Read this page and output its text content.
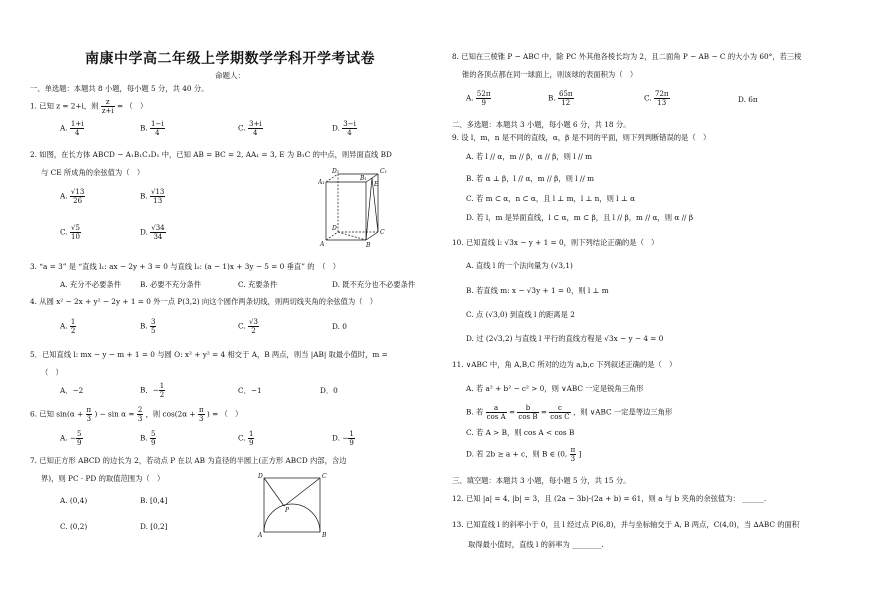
南康中学高二年级上学期数学学科开学考试卷
命题人：
一、单选题：本题共 8 小题，每小题 5 分，共 40 分。
1. 已知 z = 2+i，则 $\frac{z}{z+i}$ = （　）
A. $\frac{1+i}{4}$	B. $\frac{1-i}{4}$	C. $\frac{3+i}{4}$	D. $\frac{3-i}{4}$
2. 如图，在长方体 ABCD − A₁B₁C₁D₁ 中，已知 AB = BC = 2, AA₁ = 3, E 为 B₁C 的中点，则异面直线 BD
与 CE 所成角的余弦值为（　）
A. $\frac{√13}{26}$	B. $\frac{√13}{13}$
C. $\frac{√5}{10}$	D. $\frac{√34}{34}$
D₁	C₁
A₁
B₁
E
D
C
A	B
3. “a = 3” 是 “直线 l₁: ax − 2y + 3 = 0 与直线 l₂: (a − 1)x + 3y − 5 = 0 垂直” 的　（　）
A. 充分不必要条件	B. 必要不充分条件	C. 充要条件	D. 既不充分也不必要条件
4. 从圆 x² − 2x + y² − 2y + 1 = 0 外一点 P(3,2) 向这个圆作两条切线，则两切线夹角的余弦值为（　）
A. $\frac{1}{2}$	B. $\frac{3}{5}$	C. $\frac{√3}{2}$	D. 0
5．已知直线 l: mx − y − m + 1 = 0 与圆 O: x² + y² = 4 相交于 A，B 两点，则当 |AB| 取最小值时，m =
（　）
A．−2	B．− $\frac{1}{2}$	C．−1	D．0
6. 已知 $\sin(\alpha + \frac{\pi}{3}$ ) − $\sin \alpha = \frac{2}{3}$ ，则 $\cos(2\alpha + \frac{\pi}{3}$ ) = （　）
A. − $\frac{5}{9}$	B. $\frac{5}{9}$	C. $\frac{1}{9}$	D. − $\frac{1}{9}$
7. 已知正方形 ABCD 的边长为 2，若动点 P 在以 AB 为直径的半圆上(正方形 ABCD 内部，含边
界)，则 PC · PD 的取值范围为（　）
A. (0,4)	B. [0,4]
C. (0,2)	D. [0,2]
D	C
P
A	B
8. 已知在三棱锥 P − ABC 中，除 PC 外其他各棱长均为 2，且二面角 P − AB − C 的大小为 60°，若三棱
锥的各顶点都在同一球面上，则该球的表面积为（　）
A. $\frac{52\pi}{9}$	B. $\frac{65\pi}{12}$	C. $\frac{72\pi}{13}$	D. 6π
二、多选题：本题共 3 小题，每小题 6 分，共 18 分。
9. 设 l，m，n 是不同的直线，α，β 是不同的平面，则下列判断错误的是（　）
A. 若 l // α，m // β，α // β，则 l // m
B. 若 α ⊥ β，l // α，m // β，则 l // m
C. 若 m ⊂ α，n ⊂ α，且 l ⊥ m，l ⊥ n，则 l ⊥ α
D. 若 l，m 是异面直线，l ⊂ α，m ⊂ β，且 l // β，m // α，则 α // β
10. 已知直线 l: √3x − y + 1 = 0，则下列结论正确的是（　）
A. 直线 l 的一个法向量为 (√3,1)
B. 若直线 m: x − √3y + 1 = 0，则 l ⊥ m
C. 点 (√3,0) 到直线 l 的距离是 2
D. 过 (2√3,2) 与直线 l 平行的直线方程是 √3x − y − 4 = 0
11. ∨ABC 中，角 A,B,C 所对的边为 a,b,c 下列叙述正确的是（　）
A. 若 a² + b² − c² > 0，则 ∨ABC 一定是锐角三角形
B. 若 $\frac{a}{\text{cos A}} = \frac{b}{\text{cos B}} = \frac{c}{\text{cos C}}$ ，则 ∨ABC 一定是等边三角形
C. 若 A > B，则 cos A < cos B
D. 若 2b ≥ a + c，则 B ∈ (0, $\frac{\pi}{3}$ ]
三、填空题：本题共 3 小题，每小题 5 分，共 15 分。
12. 已知 |a| = 4, |b| = 3，且 (2a − 3b)·(2a + b) = 61，则 a 与 b 夹角的余弦值为： ______.
13. 已知直线 l 的斜率小于 0，且 l 经过点 P(6,8)，并与坐标轴交于 A, B 两点，C(4,0)，当 ∆ABC 的面积
取得最小值时，直线 l 的斜率为 ________.
